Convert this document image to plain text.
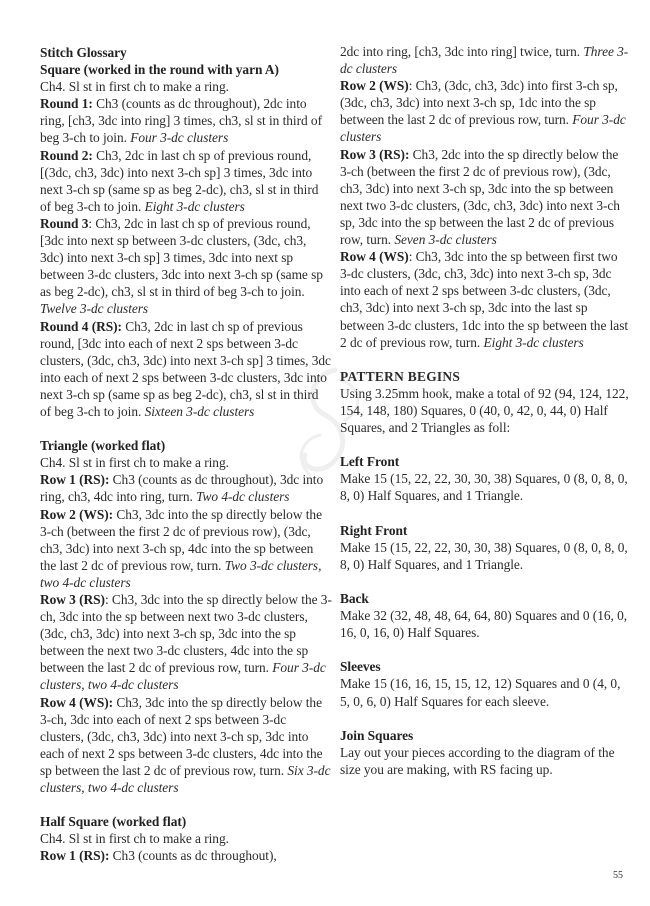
Stitch Glossary

Square (worked in the round with yarn A)

Ch4. Sl st in first ch to make a ring.

Round 1: Ch3 (counts as dc throughout), 2dc into ring, [ch3, 3dc into ring] 3 times, ch3, sl st in third of beg 3-ch to join. Four 3-dc clusters

Round 2: Ch3, 2dc in last ch sp of previous round, [(3dc, ch3, 3dc) into next 3-ch sp] 3 times, 3dc into next 3-ch sp (same sp as beg 2-dc), ch3, sl st in third of beg 3-ch to join. Eight 3-dc clusters

Round 3: Ch3, 2dc in last ch sp of previous round, [3dc into next sp between 3-dc clusters, (3dc, ch3, 3dc) into next 3-ch sp] 3 times, 3dc into next sp between 3-dc clusters, 3dc into next 3-ch sp (same sp as beg 2-dc), ch3, sl st in third of beg 3-ch to join. Twelve 3-dc clusters

Round 4 (RS): Ch3, 2dc in last ch sp of previous round, [3dc into each of next 2 sps between 3-dc clusters, (3dc, ch3, 3dc) into next 3-ch sp] 3 times, 3dc into each of next 2 sps between 3-dc clusters, 3dc into next 3-ch sp (same sp as beg 2-dc), ch3, sl st in third of beg 3-ch to join. Sixteen 3-dc clusters

Triangle (worked flat)

Ch4. Sl st in first ch to make a ring.

Row 1 (RS): Ch3 (counts as dc throughout), 3dc into ring, ch3, 4dc into ring, turn. Two 4-dc clusters

Row 2 (WS): Ch3, 3dc into the sp directly below the 3-ch (between the first 2 dc of previous row), (3dc, ch3, 3dc) into next 3-ch sp, 4dc into the sp between the last 2 dc of previous row, turn. Two 3-dc clusters, two 4-dc clusters

Row 3 (RS): Ch3, 3dc into the sp directly below the 3-ch, 3dc into the sp between next two 3-dc clusters, (3dc, ch3, 3dc) into next 3-ch sp, 3dc into the sp between the next two 3-dc clusters, 4dc into the sp between the last 2 dc of previous row, turn. Four 3-dc clusters, two 4-dc clusters

Row 4 (WS): Ch3, 3dc into the sp directly below the 3-ch, 3dc into each of next 2 sps between 3-dc clusters, (3dc, ch3, 3dc) into next 3-ch sp, 3dc into each of next 2 sps between 3-dc clusters, 4dc into the sp between the last 2 dc of previous row, turn. Six 3-dc clusters, two 4-dc clusters

Half Square (worked flat)

Ch4. Sl st in first ch to make a ring.

Row 1 (RS): Ch3 (counts as dc throughout),

2dc into ring, [ch3, 3dc into ring] twice, turn. Three 3-dc clusters

Row 2 (WS): Ch3, (3dc, ch3, 3dc) into first 3-ch sp, (3dc, ch3, 3dc) into next 3-ch sp, 1dc into the sp between the last 2 dc of previous row, turn. Four 3-dc clusters

Row 3 (RS): Ch3, 2dc into the sp directly below the 3-ch (between the first 2 dc of previous row), (3dc, ch3, 3dc) into next 3-ch sp, 3dc into the sp between next two 3-dc clusters, (3dc, ch3, 3dc) into next 3-ch sp, 3dc into the sp between the last 2 dc of previous row, turn. Seven 3-dc clusters

Row 4 (WS): Ch3, 3dc into the sp between first two 3-dc clusters, (3dc, ch3, 3dc) into next 3-ch sp, 3dc into each of next 2 sps between 3-dc clusters, (3dc, ch3, 3dc) into next 3-ch sp, 3dc into the last sp between 3-dc clusters, 1dc into the sp between the last 2 dc of previous row, turn. Eight 3-dc clusters

PATTERN BEGINS

Using 3.25mm hook, make a total of 92 (94, 124, 122, 154, 148, 180) Squares, 0 (40, 0, 42, 0, 44, 0) Half Squares, and 2 Triangles as foll:

Left Front

Make 15 (15, 22, 22, 30, 30, 38) Squares, 0 (8, 0, 8, 0, 8, 0) Half Squares, and 1 Triangle.

Right Front

Make 15 (15, 22, 22, 30, 30, 38) Squares, 0 (8, 0, 8, 0, 8, 0) Half Squares, and 1 Triangle.

Back

Make 32 (32, 48, 48, 64, 64, 80) Squares and 0 (16, 0, 16, 0, 16, 0) Half Squares.

Sleeves

Make 15 (16, 16, 15, 15, 12, 12) Squares and 0 (4, 0, 5, 0, 6, 0) Half Squares for each sleeve.

Join Squares

Lay out your pieces according to the diagram of the size you are making, with RS facing up.

55
